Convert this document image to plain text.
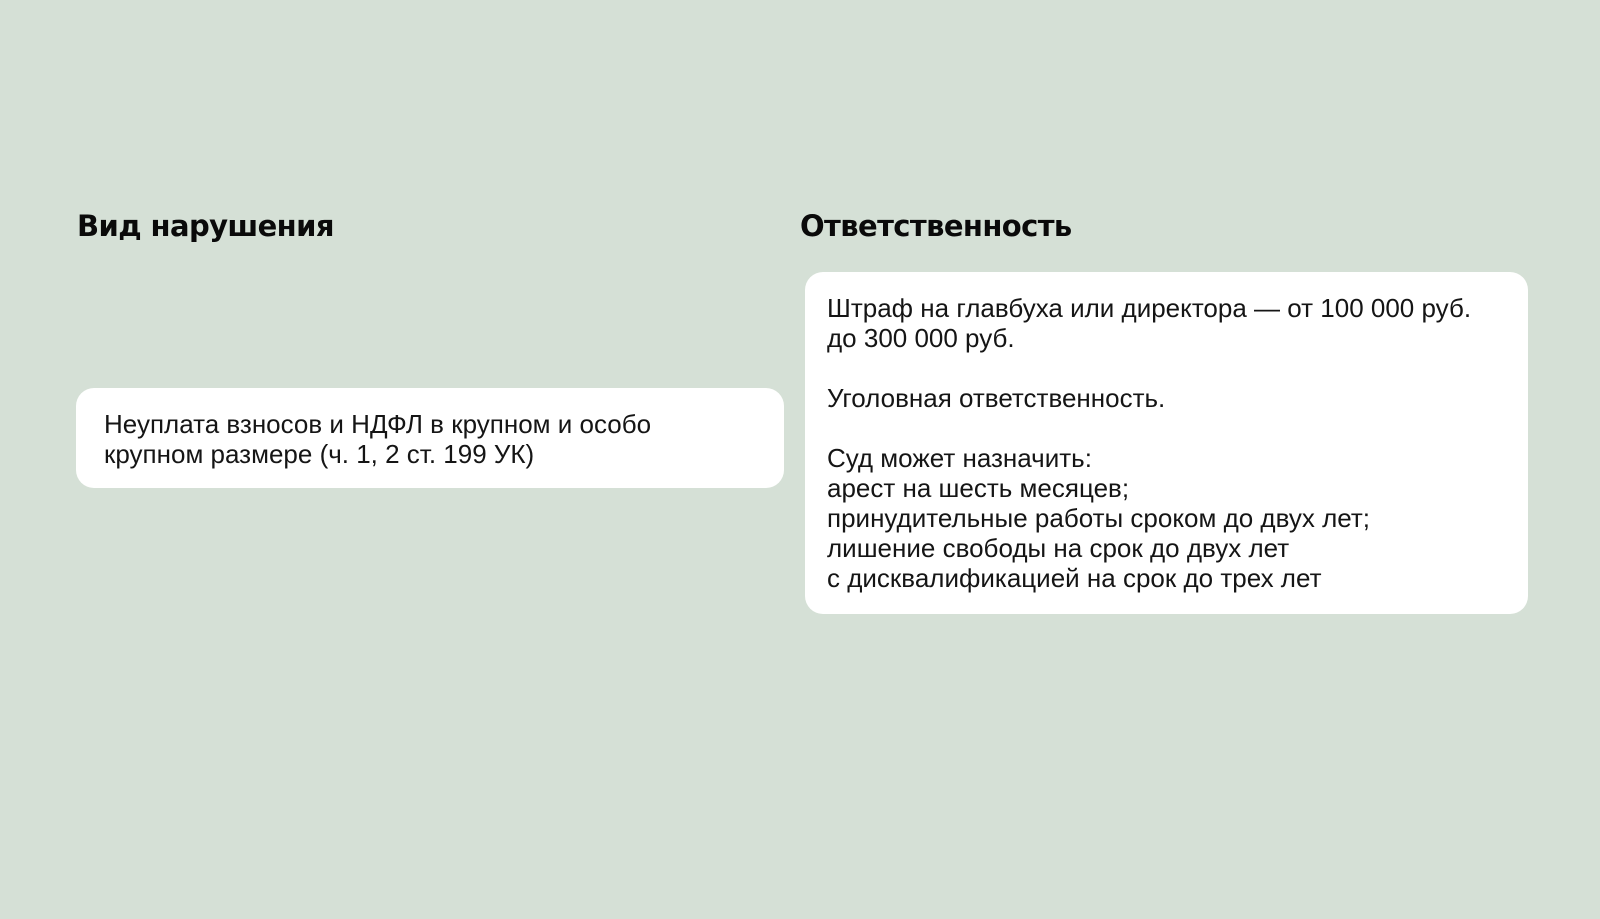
Вид нарушения	Ответственность

Неуплата взносов и НДФЛ в крупном и особо
крупном размере (ч. 1, 2 ст. 199 УК)

Штраф на главбуха или директора — от 100 000 руб.
до 300 000 руб.

Уголовная ответственность.

Суд может назначить:
арест на шесть месяцев;
принудительные работы сроком до двух лет;
лишение свободы на срок до двух лет
с дисквалификацией на срок до трех лет
